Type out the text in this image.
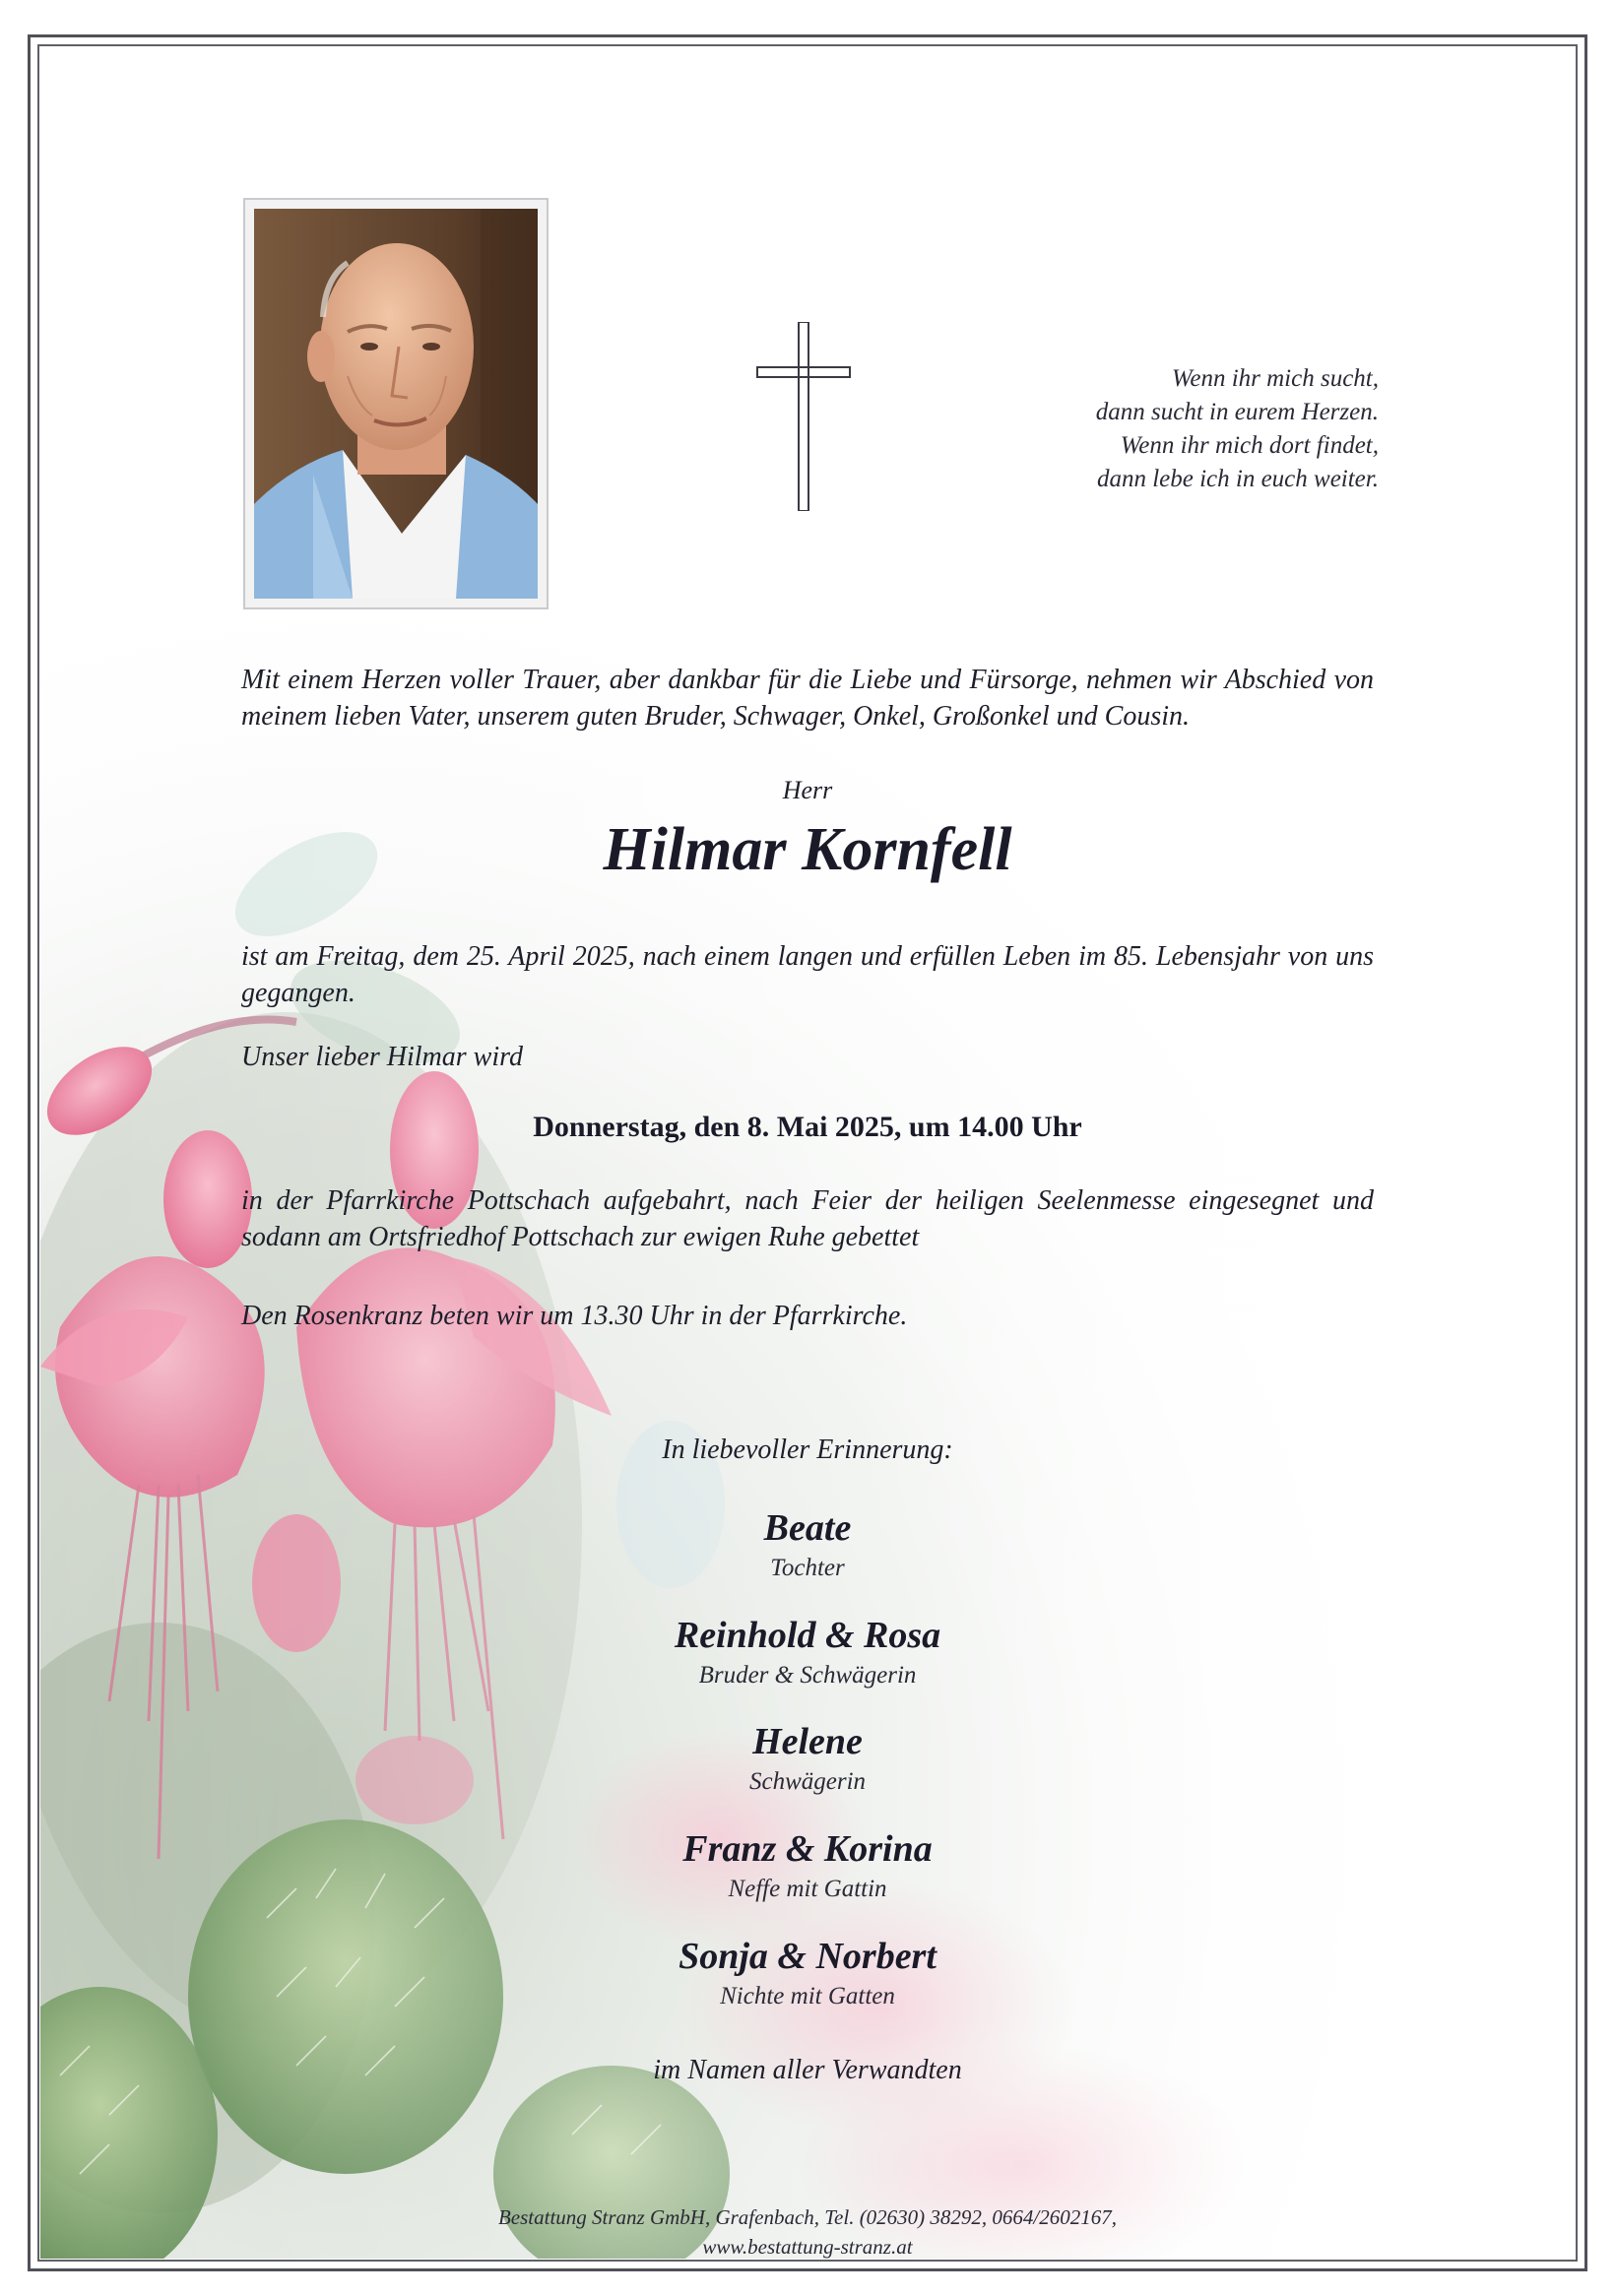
Wenn ihr mich sucht,
dann sucht in eurem Herzen.
Wenn ihr mich dort findet,
dann lebe ich in euch weiter.
Mit einem Herzen voller Trauer, aber dankbar für die Liebe und Fürsorge, nehmen wir Abschied von meinem lieben Vater, unserem guten Bruder, Schwager, Onkel, Großonkel und Cousin.
Herr
Hilmar Kornfell
ist am Freitag, dem 25. April 2025, nach einem langen und erfüllen Leben im 85. Lebensjahr von uns gegangen.
Unser lieber Hilmar wird
Donnerstag, den 8. Mai 2025, um 14.00 Uhr
in der Pfarrkirche Pottschach aufgebahrt, nach Feier der heiligen Seelenmesse eingesegnet und sodann am Ortsfriedhof Pottschach zur ewigen Ruhe gebettet
Den Rosenkranz beten wir um 13.30 Uhr in der Pfarrkirche.
In liebevoller Erinnerung:
Beate
Tochter
Reinhold & Rosa
Bruder & Schwägerin
Helene
Schwägerin
Franz & Korina
Neffe mit Gattin
Sonja & Norbert
Nichte mit Gatten
im Namen aller Verwandten
Bestattung Stranz GmbH, Grafenbach, Tel. (02630) 38292, 0664/2602167,
www.bestattung-stranz.at
